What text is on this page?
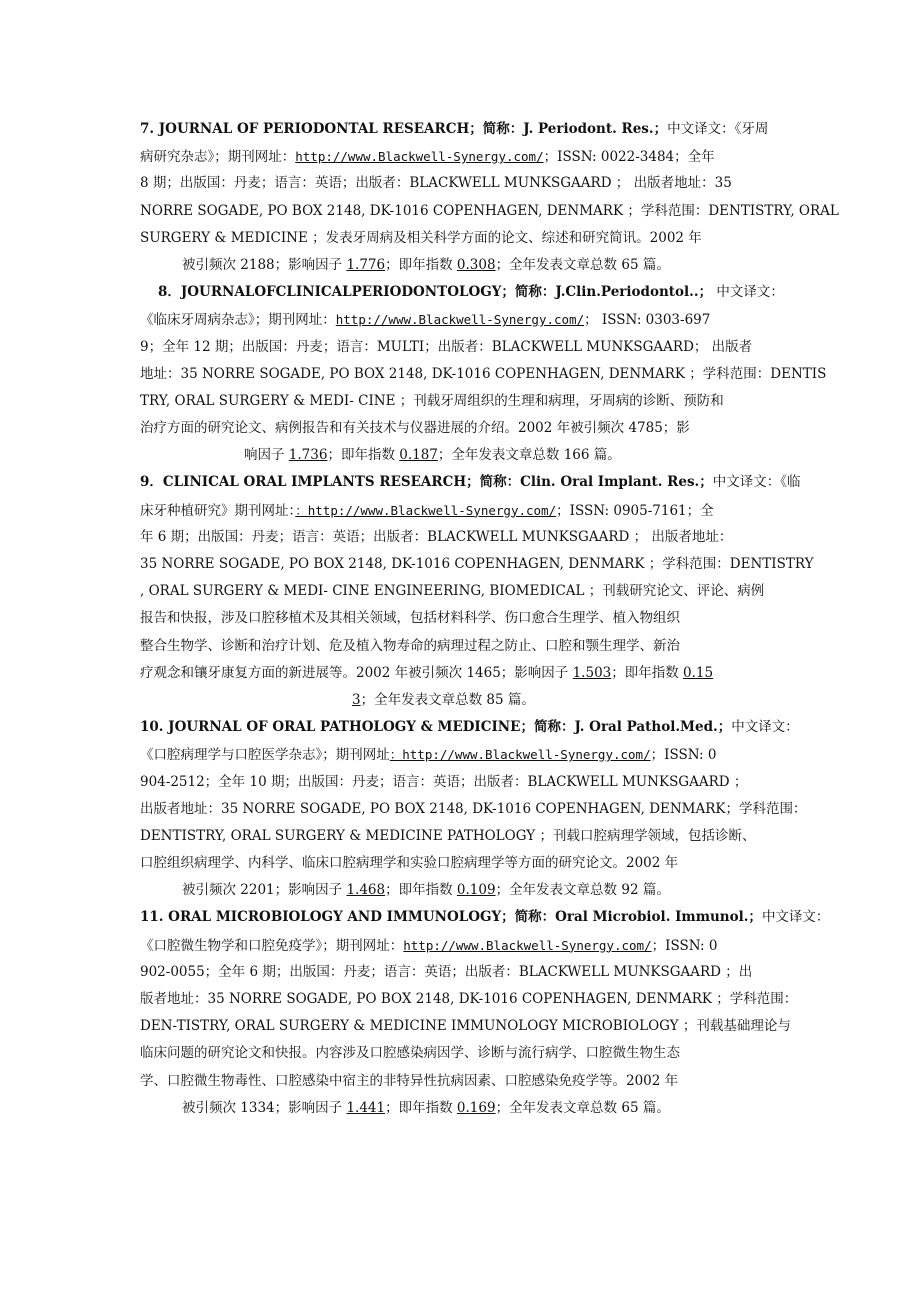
7. JOURNAL OF PERIODONTAL RESEARCH；简称：J. Periodont. Res.；中文译文：《牙周
病研究杂志》；期刊网址：http://www.Blackwell-Synergy.com/；ISSN: 0022-3484；全年
8 期；出版国：丹麦；语言：英语；出版者：BLACKWELL MUNKSGAARD ； 出版者地址：35
NORRE SOGADE, PO BOX 2148, DK-1016 COPENHAGEN, DENMARK ；学科范围：DENTISTRY, ORAL
SURGERY & MEDICINE ；发表牙周病及相关科学方面的论文、综述和研究简讯。2002 年
被引频次 2188；影响因子 1.776；即年指数 0.308；全年发表文章总数 65 篇。
8．JOURNALOFCLINICALPERIODONTOLOGY；简称：J.Clin.Periodontol..； 中文译文：
《临床牙周病杂志》；期刊网址：http://www.Blackwell-Synergy.com/； ISSN: 0303-697
9；全年 12 期；出版国：丹麦；语言：MULTI；出版者：BLACKWELL MUNKSGAARD； 出版者
地址：35 NORRE SOGADE, PO BOX 2148, DK-1016 COPENHAGEN, DENMARK ；学科范围：DENTIS
TRY, ORAL SURGERY & MEDI- CINE ；刊载牙周组织的生理和病理，牙周病的诊断、预防和
治疗方面的研究论文、病例报告和有关技术与仪器进展的介绍。2002 年被引频次 4785；影
响因子 1.736；即年指数 0.187；全年发表文章总数 166 篇。
9．CLINICAL ORAL IMPLANTS RESEARCH；简称：Clin. Oral Implant. Res.；中文译文：《临
床牙种植研究》期刊网址：：http://www.Blackwell-Synergy.com/；ISSN: 0905-7161；全
年 6 期；出版国：丹麦；语言：英语；出版者：BLACKWELL MUNKSGAARD ； 出版者地址：
35 NORRE SOGADE, PO BOX 2148, DK-1016 COPENHAGEN, DENMARK ；学科范围：DENTISTRY
, ORAL SURGERY & MEDI- CINE ENGINEERING, BIOMEDICAL ；刊载研究论文、评论、病例
报告和快报，涉及口腔移植术及其相关领域，包括材料科学、伤口愈合生理学、植入物组织
整合生物学、诊断和治疗计划、危及植入物寿命的病理过程之防止、口腔和颚生理学、新治
疗观念和镶牙康复方面的新进展等。2002 年被引频次 1465；影响因子 1.503；即年指数 0.15
3；全年发表文章总数 85 篇。
10. JOURNAL OF ORAL PATHOLOGY & MEDICINE；简称：J. Oral Pathol.Med.；中文译文：
《口腔病理学与口腔医学杂志》；期刊网址：http://www.Blackwell-Synergy.com/；ISSN: 0
904-2512；全年 10 期；出版国：丹麦；语言：英语；出版者：BLACKWELL MUNKSGAARD ；
出版者地址：35 NORRE SOGADE, PO BOX 2148, DK-1016 COPENHAGEN, DENMARK；学科范围：
DENTISTRY, ORAL SURGERY & MEDICINE PATHOLOGY ；刊载口腔病理学领域，包括诊断、
口腔组织病理学、内科学、临床口腔病理学和实验口腔病理学等方面的研究论文。2002 年
被引频次 2201；影响因子 1.468；即年指数 0.109；全年发表文章总数 92 篇。
11. ORAL MICROBIOLOGY AND IMMUNOLOGY；简称：Oral Microbiol. Immunol.；中文译文：
《口腔微生物学和口腔免疫学》；期刊网址：http://www.Blackwell-Synergy.com/；ISSN: 0
902-0055；全年 6 期；出版国：丹麦；语言：英语；出版者：BLACKWELL MUNKSGAARD ；出
版者地址：35 NORRE SOGADE, PO BOX 2148, DK-1016 COPENHAGEN, DENMARK ；学科范围：
DEN-TISTRY, ORAL SURGERY & MEDICINE IMMUNOLOGY MICROBIOLOGY ；刊载基础理论与
临床问题的研究论文和快报。内容涉及口腔感染病因学、诊断与流行病学、口腔微生物生态
学、口腔微生物毒性、口腔感染中宿主的非特异性抗病因素、口腔感染免疫学等。2002 年
被引频次 1334；影响因子 1.441；即年指数 0.169；全年发表文章总数 65 篇。
